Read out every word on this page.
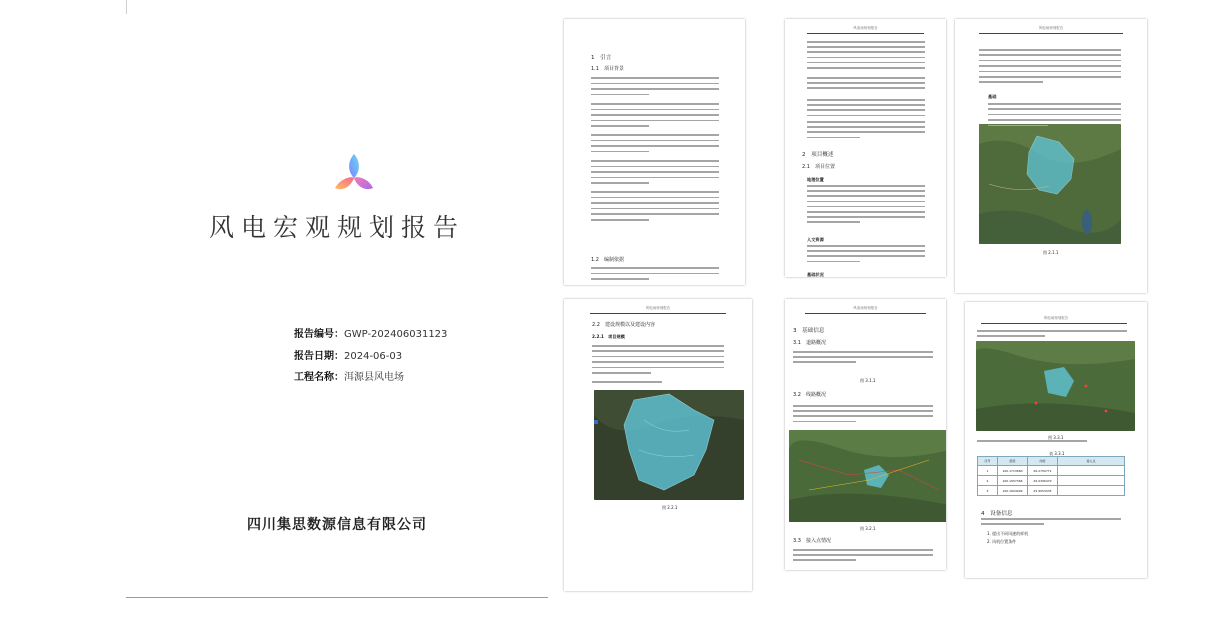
风电宏观规划报告
报告编号：GWP-202406031123
报告日期：2024-06-03
工程名称：洱源县风电场
四川集思数源信息有限公司
1　引言
1.1　项目背景
1.2　编制依据
风电场规划报告
2　项目概述
2.1　项目位置
地理位置
人文资源
基础状况
风电场规划报告
基础
图 2.1.1
风电场规划报告
2.2　建设规模以及建设内容
2.2.1　项目规模
图 2.2.1
风电场规划报告
3　基础信息
3.1　道路概况
图 3.1.1
3.2　线路概况
图 3.2.1
3.3　接入点情况
风电场规划报告
图 3.3.1
表 3.3.1
序号	经度	纬度	接入点
1	100.1713680	26.2750771	
2	100.1957366	26.0396479	
3	100.1604099	25.9053035	
4　设备信息
1. 提出不同风速的样机
2. 风机位置条件
